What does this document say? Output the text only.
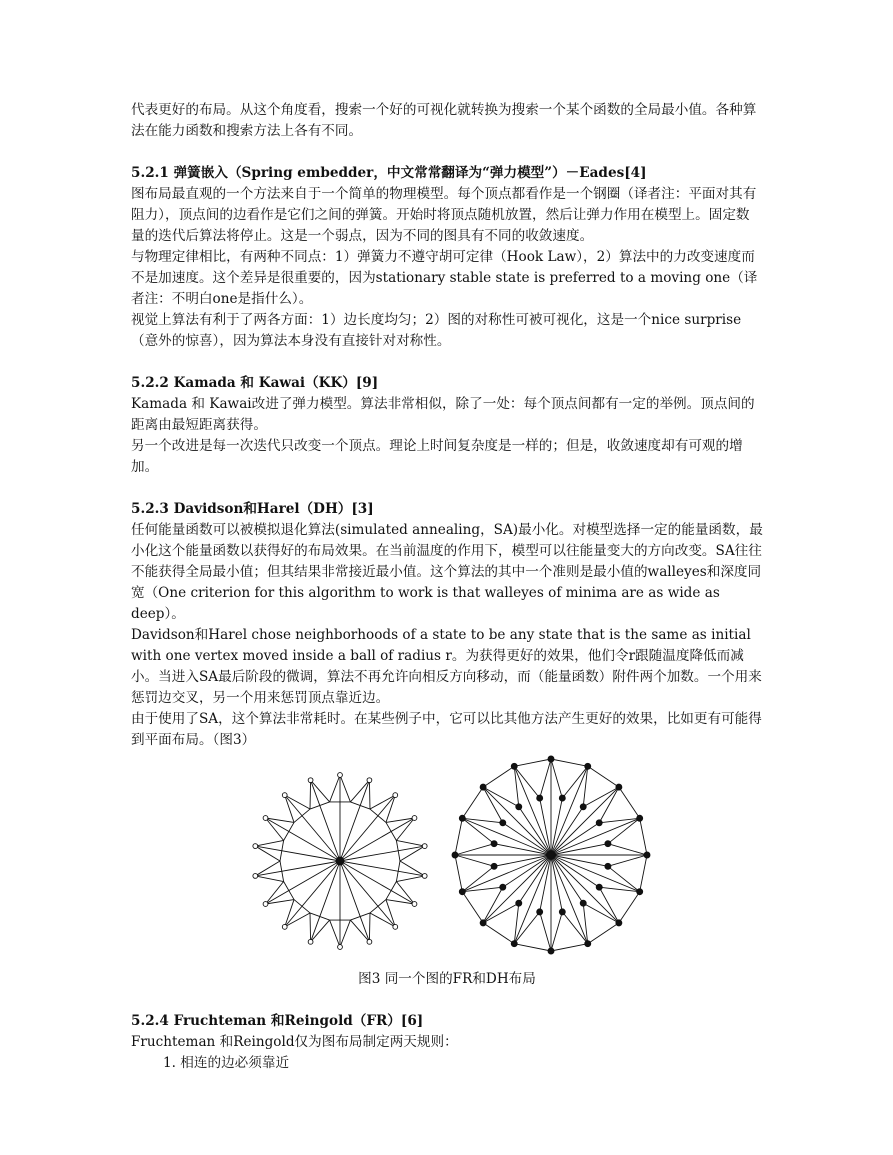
代表更好的布局。从这个角度看，搜索一个好的可视化就转换为搜索一个某个函数的全局最小值。各种算法在能力函数和搜索方法上各有不同。

5.2.1 弹簧嵌入（Spring embedder，中文常常翻译为“弹力模型”）－Eades[4]

图布局最直观的一个方法来自于一个简单的物理模型。每个顶点都看作是一个钢圈（译者注：平面对其有阻力），顶点间的边看作是它们之间的弹簧。开始时将顶点随机放置，然后让弹力作用在模型上。固定数量的迭代后算法将停止。这是一个弱点，因为不同的图具有不同的收敛速度。

与物理定律相比，有两种不同点：1）弹簧力不遵守胡可定律（Hook Law），2）算法中的力改变速度而不是加速度。这个差异是很重要的，因为stationary stable state is preferred to a moving one（译者注：不明白one是指什么）。

视觉上算法有利于了两各方面：1）边长度均匀；2）图的对称性可被可视化，这是一个nice surprise（意外的惊喜），因为算法本身没有直接针对对称性。

5.2.2 Kamada 和 Kawai（KK）[9]

Kamada 和 Kawai改进了弹力模型。算法非常相似，除了一处：每个顶点间都有一定的举例。顶点间的距离由最短距离获得。

另一个改进是每一次迭代只改变一个顶点。理论上时间复杂度是一样的；但是，收敛速度却有可观的增加。

5.2.3 Davidson和Harel（DH）[3]

任何能量函数可以被模拟退化算法(simulated annealing，SA)最小化。对模型选择一定的能量函数，最小化这个能量函数以获得好的布局效果。在当前温度的作用下，模型可以往能量变大的方向改变。SA往往不能获得全局最小值；但其结果非常接近最小值。这个算法的其中一个准则是最小值的walleyes和深度同宽（One criterion for this algorithm to work is that walleyes of minima are as wide as deep）。

Davidson和Harel chose neighborhoods of a state to be any state that is the same as initial with one vertex moved inside a ball of radius r。为获得更好的效果，他们令r跟随温度降低而减小。当进入SA最后阶段的微调，算法不再允许向相反方向移动，而（能量函数）附件两个加数。一个用来惩罚边交叉，另一个用来惩罚顶点靠近边。

由于使用了SA，这个算法非常耗时。在某些例子中，它可以比其他方法产生更好的效果，比如更有可能得到平面布局。（图3）

图3 同一个图的FR和DH布局

5.2.4 Fruchteman 和Reingold（FR）[6]

Fruchteman 和Reingold仅为图布局制定两天规则：

1. 相连的边必须靠近
